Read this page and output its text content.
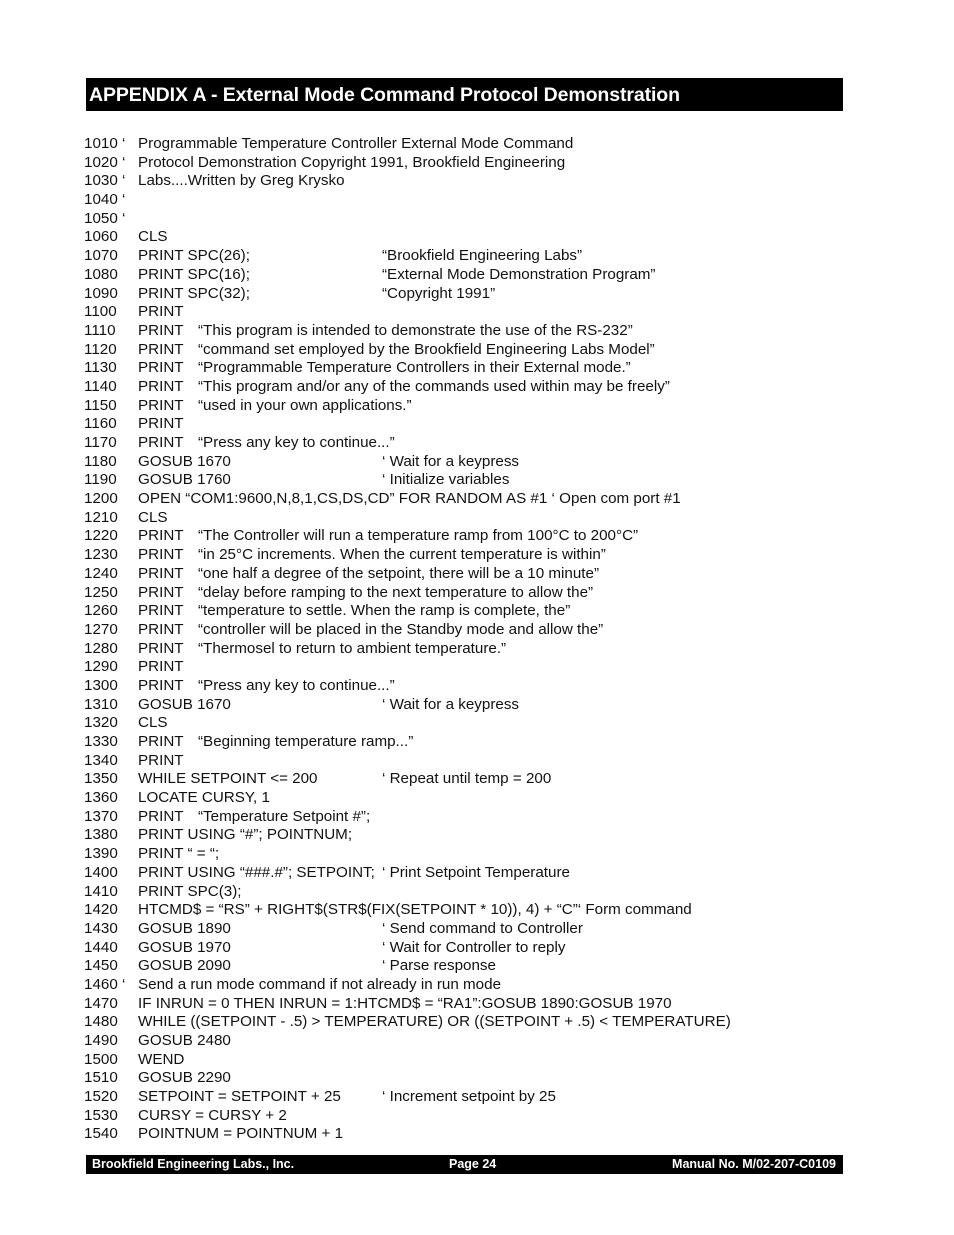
APPENDIX A - External Mode Command Protocol Demonstration
1010 ‘ Programmable Temperature Controller External Mode Command
1020 ‘ Protocol Demonstration Copyright 1991, Brookfield Engineering
1030 ‘ Labs....Written by Greg Krysko
1040 ‘
1050 ‘
1060 CLS
1070 PRINT SPC(26);	“Brookfield Engineering Labs”
1080 PRINT SPC(16);	“External Mode Demonstration Program”
1090 PRINT SPC(32);	“Copyright 1991”
1100 PRINT
1110 PRINT “This program is intended to demonstrate the use of the RS-232”
1120 PRINT “command set employed by the Brookfield Engineering Labs Model”
1130 PRINT “Programmable Temperature Controllers in their External mode.”
1140 PRINT “This program and/or any of the commands used within may be freely”
1150 PRINT “used in your own applications.”
1160 PRINT
1170 PRINT “Press any key to continue...”
1180 GOSUB 1670	‘ Wait for a keypress
1190 GOSUB 1760	‘ Initialize variables
1200 OPEN “COM1:9600,N,8,1,CS,DS,CD” FOR RANDOM AS #1 ‘ Open com port #1
1210 CLS
1220 PRINT “The Controller will run a temperature ramp from 100°C to 200°C”
1230 PRINT “in 25°C increments. When the current temperature is within”
1240 PRINT “one half a degree of the setpoint, there will be a 10 minute”
1250 PRINT “delay before ramping to the next temperature to allow the”
1260 PRINT “temperature to settle. When the ramp is complete, the”
1270 PRINT “controller will be placed in the Standby mode and allow the”
1280 PRINT “Thermosel to return to ambient temperature.”
1290 PRINT
1300 PRINT “Press any key to continue...”
1310 GOSUB 1670	‘ Wait for a keypress
1320 CLS
1330 PRINT “Beginning temperature ramp...”
1340 PRINT
1350 WHILE SETPOINT <= 200	‘ Repeat until temp = 200
1360 LOCATE CURSY, 1
1370 PRINT “Temperature Setpoint #”;
1380 PRINT USING “#”; POINTNUM;
1390 PRINT “ = “;
1400 PRINT USING “###.#”; SETPOINT; ‘ Print Setpoint Temperature
1410 PRINT SPC(3);
1420 HTCMD$ = “RS” + RIGHT$(STR$(FIX(SETPOINT * 10)), 4) + “C”‘ Form command
1430 GOSUB 1890	‘ Send command to Controller
1440 GOSUB 1970	‘ Wait for Controller to reply
1450 GOSUB 2090	‘ Parse response
1460 ‘ Send a run mode command if not already in run mode
1470 IF INRUN = 0 THEN INRUN = 1:HTCMD$ = “RA1”:GOSUB 1890:GOSUB 1970
1480 WHILE ((SETPOINT - .5) > TEMPERATURE) OR ((SETPOINT + .5) < TEMPERATURE)
1490 GOSUB 2480
1500 WEND
1510 GOSUB 2290
1520 SETPOINT = SETPOINT + 25	‘ Increment setpoint by 25
1530 CURSY = CURSY + 2
1540 POINTNUM = POINTNUM + 1
Brookfield Engineering Labs., Inc.	Page 24	Manual No. M/02-207-C0109
